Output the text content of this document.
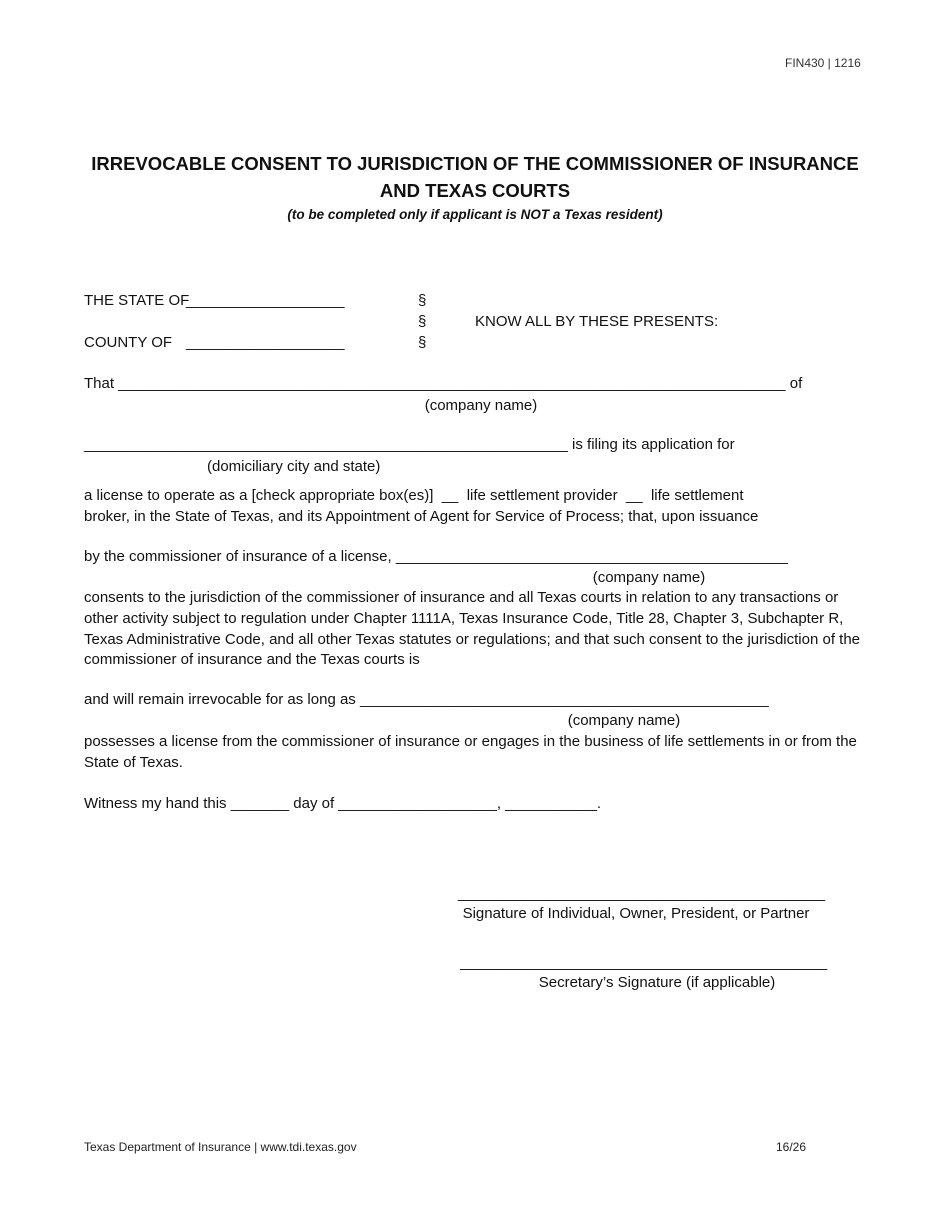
FIN430 | 1216
IRREVOCABLE CONSENT TO JURISDICTION OF THE COMMISSIONER OF INSURANCE
AND TEXAS COURTS
(to be completed only if applicant is NOT a Texas resident)
THE STATE OF
___________________
COUNTY OF ___________________
§
§
§
KNOW ALL BY THESE PRESENTS:
That ________________________________________________________________________________ of
(company name)
__________________________________________________________ is filing its application for
(domiciliary city and state)
a license to operate as a [check appropriate box(es)]  __  life settlement provider  __  life settlement
broker, in the State of Texas, and its Appointment of Agent for Service of Process; that, upon issuance
by the commissioner of insurance of a license, _______________________________________________
(company name)
consents to the jurisdiction of the commissioner of insurance and all Texas courts in relation to any transactions or other activity subject to regulation under Chapter 1111A, Texas Insurance Code, Title 28, Chapter 3, Subchapter R, Texas Administrative Code, and all other Texas statutes or regulations; and that such consent to the jurisdiction of the commissioner of insurance and the Texas courts is
and will remain irrevocable for as long as _________________________________________________
(company name)
possesses a license from the commissioner of insurance or engages in the business of life settlements in or from the State of Texas.
Witness my hand this _______ day of ___________________, ___________.
____________________________________________
Signature of Individual, Owner, President, or Partner
____________________________________________
Secretary’s Signature (if applicable)
Texas Department of Insurance | www.tdi.texas.gov	16/26
